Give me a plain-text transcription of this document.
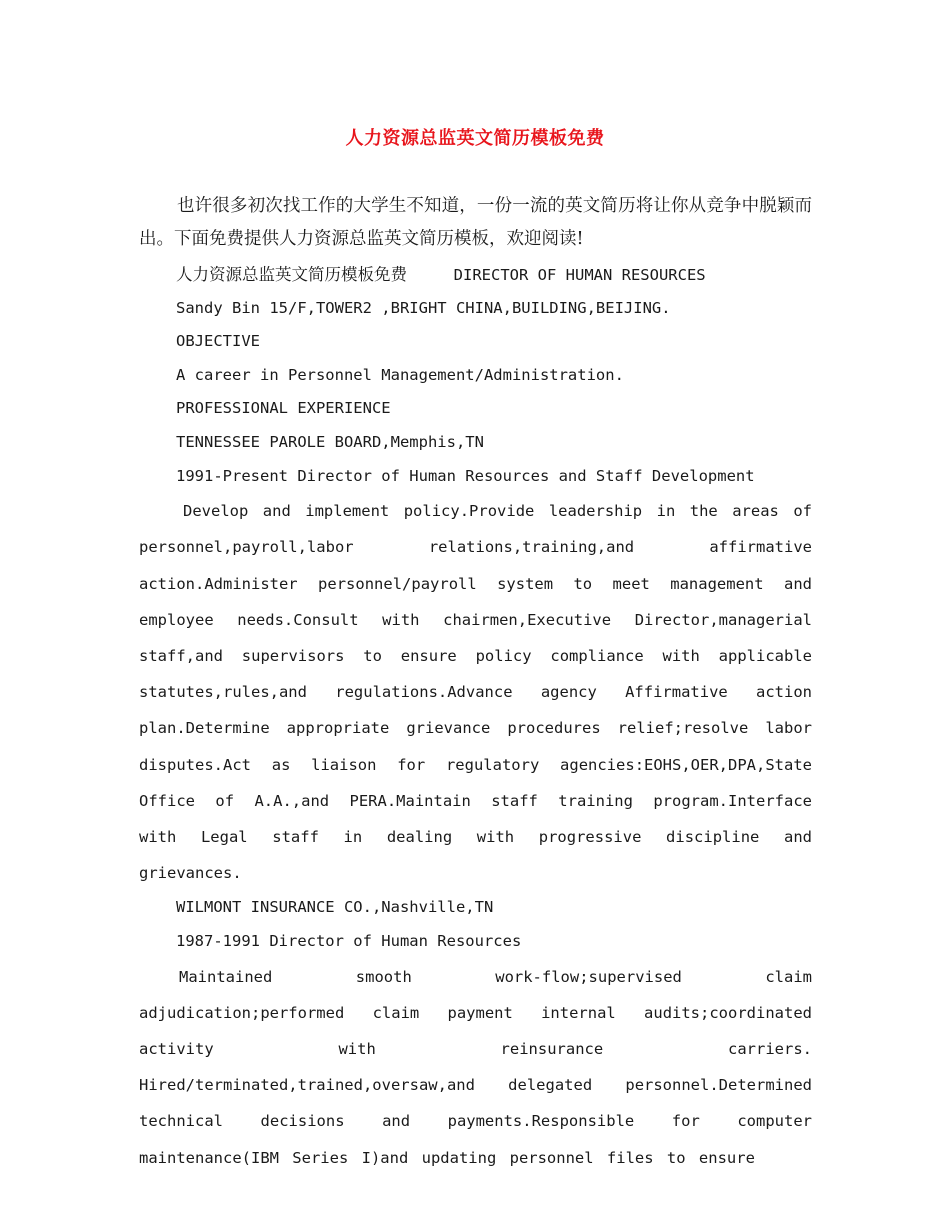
人力资源总监英文简历模板免费

也许很多初次找工作的大学生不知道，一份一流的英文简历将让你从竞争中脱颖而出。下面免费提供人力资源总监英文简历模板，欢迎阅读!

人力资源总监英文简历模板免费	DIRECTOR OF HUMAN RESOURCES

Sandy Bin 15/F,TOWER2 ,BRIGHT CHINA,BUILDING,BEIJING.

OBJECTIVE

A career in Personnel Management/Administration.

PROFESSIONAL EXPERIENCE

TENNESSEE PAROLE BOARD,Memphis,TN

1991-Present Director of Human Resources and Staff Development

Develop and implement policy.Provide leadership in the areas of personnel,payroll,labor relations,training,and affirmative action.Administer personnel/payroll system to meet management and employee needs.Consult with chairmen,Executive Director,managerial staff,and supervisors to ensure policy compliance with applicable statutes,rules,and regulations.Advance agency Affirmative action plan.Determine appropriate grievance procedures relief;resolve labor disputes.Act as liaison for regulatory agencies:EOHS,OER,DPA,State Office of A.A.,and PERA.Maintain staff training program.Interface with Legal staff in dealing with progressive discipline and grievances.

WILMONT INSURANCE CO.,Nashville,TN

1987-1991 Director of Human Resources

Maintained smooth work-flow;supervised claim adjudication;performed claim payment internal audits;coordinated activity with reinsurance carriers. Hired/terminated,trained,oversaw,and delegated personnel.Determined technical decisions and payments.Responsible for computer maintenance(IBM Series I)and updating personnel files to ensure
